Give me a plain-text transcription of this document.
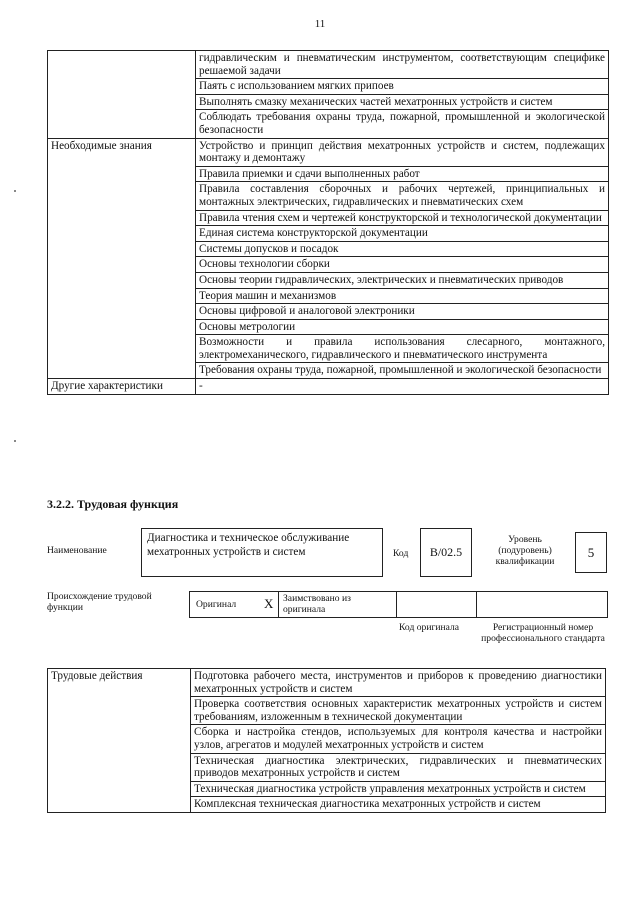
11
	гидравлическим и пневматическим инструментом, соответствующим специфике решаемой задачи
	Паять с использованием мягких припоев
	Выполнять смазку механических частей мехатронных устройств и систем
	Соблюдать требования охраны труда, пожарной, промышленной и экологической безопасности
Необходимые знания	Устройство и принцип действия мехатронных устройств и систем, подлежащих монтажу и демонтажу
	Правила приемки и сдачи выполненных работ
	Правила составления сборочных и рабочих чертежей, принципиальных и монтажных электрических, гидравлических и пневматических схем
	Правила чтения схем и чертежей конструкторской и технологической документации
	Единая система конструкторской документации
	Системы допусков и посадок
	Основы технологии сборки
	Основы теории гидравлических, электрических и пневматических приводов
	Теория машин и механизмов
	Основы цифровой и аналоговой электроники
	Основы метрологии
	Возможности и правила использования слесарного, монтажного, электромеханического, гидравлического и пневматического инструмента
	Требования охраны труда, пожарной, промышленной и экологической безопасности
Другие характеристики	-
3.2.2. Трудовая функция
Наименование
Диагностика и техническое обслуживание мехатронных устройств и систем	Код B/02.5
Уровень (подуровень) квалификации
5
Происхождение трудовой функции	Оригинал X Заимствовано из оригинала
Код оригинала	Регистрационный номер профессионального стандарта
Трудовые действия	Подготовка рабочего места, инструментов и приборов к проведению диагностики мехатронных устройств и систем
Проверка соответствия основных характеристик мехатронных устройств и систем требованиям, изложенным в технической документации
Сборка и настройка стендов, используемых для контроля качества и настройки узлов, агрегатов и модулей мехатронных устройств и систем
Техническая диагностика электрических, гидравлических и пневматических приводов мехатронных устройств и систем
Техническая диагностика устройств управления мехатронных устройств и систем
Комплексная техническая диагностика мехатронных устройств и систем
